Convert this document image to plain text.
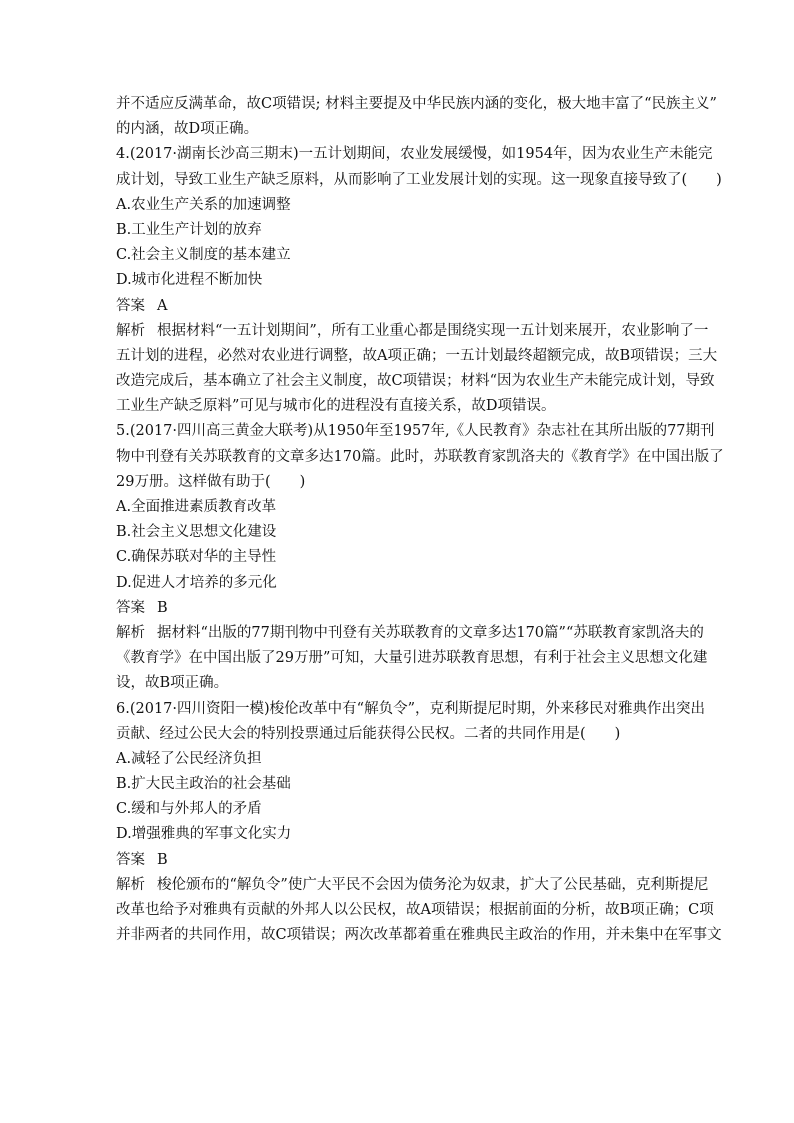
并不适应反满革命，故C项错误; 材料主要提及中华民族内涵的变化，极大地丰富了“民族主义”
的内涵，故D项正确。
4.(2017·湖南长沙高三期末)一五计划期间，农业发展缓慢，如1954年，因为农业生产未能完
成计划，导致工业生产缺乏原料，从而影响了工业发展计划的实现。这一现象直接导致了(　　)
A.农业生产关系的加速调整
B.工业生产计划的放弃
C.社会主义制度的基本建立
D.城市化进程不断加快
答案 A
解析 根据材料“一五计划期间”，所有工业重心都是围绕实现一五计划来展开，农业影响了一
五计划的进程，必然对农业进行调整，故A项正确；一五计划最终超额完成，故B项错误；三大
改造完成后，基本确立了社会主义制度，故C项错误；材料“因为农业生产未能完成计划，导致
工业生产缺乏原料”可见与城市化的进程没有直接关系，故D项错误。
5.(2017·四川高三黄金大联考)从1950年至1957年,《人民教育》杂志社在其所出版的77期刊
物中刊登有关苏联教育的文章多达170篇。此时，苏联教育家凯洛夫的《教育学》在中国出版了
29万册。这样做有助于(　　)
A.全面推进素质教育改革
B.社会主义思想文化建设
C.确保苏联对华的主导性
D.促进人才培养的多元化
答案 B
解析 据材料“出版的77期刊物中刊登有关苏联教育的文章多达170篇”“苏联教育家凯洛夫的
《教育学》在中国出版了29万册”可知，大量引进苏联教育思想，有利于社会主义思想文化建
设，故B项正确。
6.(2017·四川资阳一模)梭伦改革中有“解负令”，克利斯提尼时期，外来移民对雅典作出突出
贡献、经过公民大会的特别投票通过后能获得公民权。二者的共同作用是(　　)
A.减轻了公民经济负担
B.扩大民主政治的社会基础
C.缓和与外邦人的矛盾
D.增强雅典的军事文化实力
答案 B
解析 梭伦颁布的“解负令”使广大平民不会因为债务沦为奴隶，扩大了公民基础，克利斯提尼
改革也给予对雅典有贡献的外邦人以公民权，故A项错误；根据前面的分析，故B项正确；C项
并非两者的共同作用，故C项错误；两次改革都着重在雅典民主政治的作用，并未集中在军事文
